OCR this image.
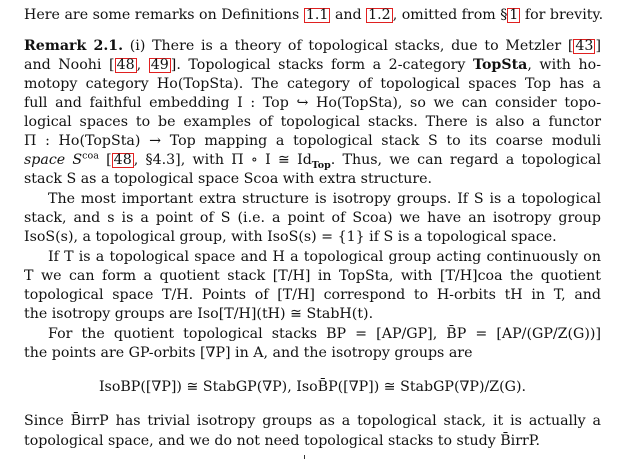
Here are some remarks on Definitions 1.1 and 1.2 , omitted from § 1 for brevity.
Remark 2.1. (i) There is a theory of topological stacks, due to Metzler [ 43 ]
and Noohi [ 48 , 49 ]. Topological stacks form a 2-category TopSta, with ho-
motopy category Ho(TopSta). The category of topological spaces Top has a
full and faithful embedding I : Top ↪ Ho(TopSta), so we can consider topo-
logical spaces to be examples of topological stacks. There is also a functor
Π : Ho(TopSta) → Top mapping a topological stack S to its coarse moduli
space $S^{coa}$ [ 48 , §4.3], with Π ∘ I ≅ $Id_{Top}$. Thus, we can regard a topological
stack S as a topological space Scoa with extra structure.
The most important extra structure is isotropy groups. If S is a topological
stack, and s is a point of S (i.e. a point of Scoa) we have an isotropy group
IsoS(s), a topological group, with IsoS(s) = {1} if S is a topological space.
If T is a topological space and H a topological group acting continuously on
T we can form a quotient stack [T/H] in TopSta, with [T/H]coa the quotient
topological space T/H. Points of [T/H] correspond to H-orbits tH in T, and
the isotropy groups are Iso[T/H](tH) ≅ StabH(t).
For the quotient topological stacks BP = [AP/GP], B̄P = [AP/(GP/Z(G))]
the points are GP-orbits [∇P] in A, and the isotropy groups are
IsoBP([∇P]) ≅ StabGP(∇P), IsoB̄P([∇P]) ≅ StabGP(∇P)/Z(G).
Since B̄irrP has trivial isotropy groups as a topological stack, it is actually a
topological space, and we do not need topological stacks to study B̄irrP.
